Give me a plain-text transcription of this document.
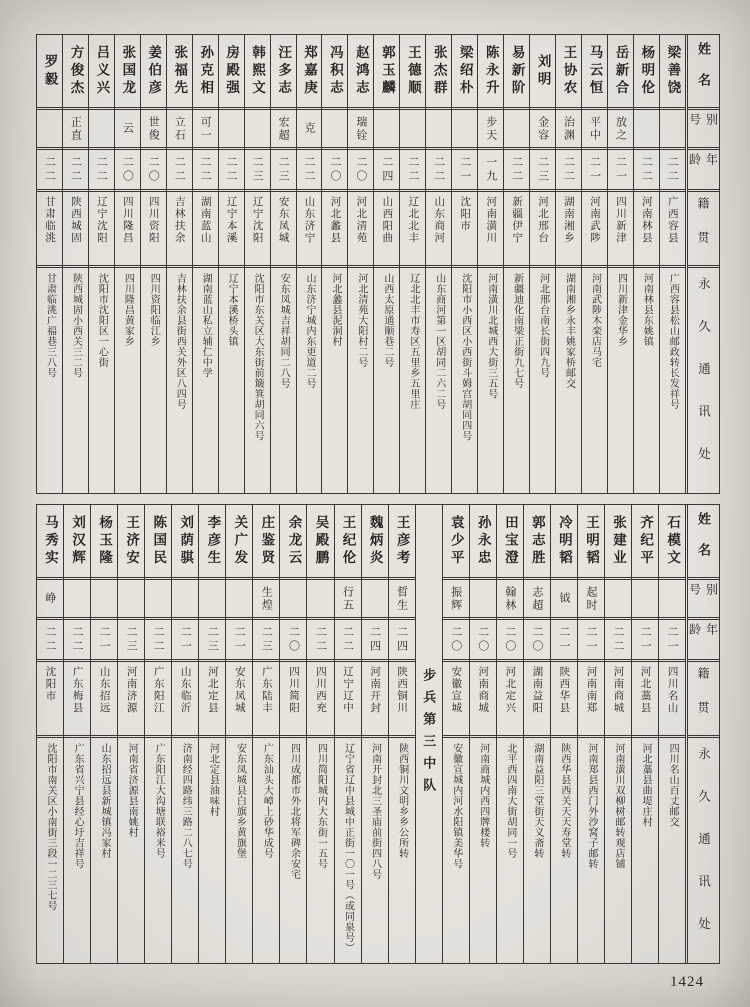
罗毅
二二
甘肃临洮
甘肃临洮广福巷三八号
方俊杰
正直
二二
陕西城固
陕西城固小西关三二号
吕义兴
二二
辽宁沈阳
沈阳市沈阳区一心街
张国龙
云
二〇
四川隆昌
四川隆昌黄家乡
姜伯彦
世俊
二〇
四川资阳
四川资阳临江乡
张福先
立石
二二
吉林扶余
吉林扶余县街西关外区八四号
孙克相
可一
二二
湖南蓝山
湖南蓝山私立辅仁中学
房殿强
二二
辽宁本溪
辽宁本溪桥头镇
韩熙文
二三
辽宁沈阳
沈阳市东关区大东街前簸箕胡同六号
汪多志
宏超
二三
安东凤城
安东凤城吉祥胡同二八号
郑嘉庚
克
二二
山东济宁
山东济宁城内东更道二号
冯积志
二〇
河北蠡县
河北蠡县泥洞村
赵鸿志
瑞铨
二〇
河北清苑
河北清苑大阳村二号
郭玉麟
二四
山西阳曲
山西太原通顺巷二号
王德顺
二二
辽北北丰
辽北北丰市寿区五里乡五里庄
张杰群
二二
山东商河
山东商河第一区胡同二六二号
梁绍朴
二一
沈阳市
沈阳市小西区小西街斗姆宫胡同四号
陈永升
步天
一九
河南潢川
河南潢川北城西大街三五号
易新阶
二二
新疆伊宁
新疆迪化南梁正街九七号
刘明
金容
二三
河北邢台
河北邢台南长街四九号
王协农
治渊
二二
湖南湘乡
湖南湘乡永丰姚家桥邮交
马云恒
平中
二一
河南武陟
河南武陟木栾店马宅
岳新合
放之
二一
四川新津
四川新津金华乡
杨明伦
二二
河南林县
河南林县东姚镇
梁善饶
二二
广西容县
广西容县松山邮政转长发祥号
姓名
别号
年龄
籍贯
永久通讯处
马秀实
峥
二二
沈阳市
沈阳市南关区小南街三段一二三七号
刘汉辉
二二
广东梅县
广东省兴宁县经心圩吉祥号
杨玉隆
二一
山东招远
山东招远县新城镇冯家村
王济安
二三
河南济源
河南省济源县南姚村
陈国民
二二
广东阳江
广东阳江大沟塘联裕米号
刘荫骐
二一
山东临沂
济南经四路纬三路二八七号
李彦生
二三
河北定县
河北定县油味村
关广发
二一
安东凤城
安东凤城县白旗乡黄旗堡
庄鉴贤
生煌
二三
广东陆丰
广东汕头大嶂上砂华成号
余龙云
二〇
四川简阳
四川成都市外北将军碑余安宅
吴殿鹏
二二
四川西充
四川简阳城内大东街一五号
王纪伦
行五
二二
辽宁辽中
辽宁省辽中县城中正街一〇一号（或同泉号）
魏炳炎
二四
河南开封
河南开封北三圣庙前街四八号
王彦考
晢生
二四
陕西铜川
陕西铜川文明乡乡公所转
步兵第三中队
袁少平
振辉
二〇
安徽宣城
安徽宣城内河水阳镇美华号
孙永忠
二〇
河南商城
河南商城内西四牌楼转
田宝澄
翰林
二〇
河北定兴
北平西四南大街胡同一号
郭志胜
志超
二〇
湖南益阳
湖南益阳三堂街天义斋转
冷明韬
钺
二一
陕西华县
陕西华县西关天天寿堂转
王明韬
起时
二一
河南南郑
河南郑县西门外沙窝子邮转
张建业
二二
河南商城
河南潢川双柳树邮转观店铺
齐纪平
二一
河北藁县
河北藁县曲堤庄村
石模文
二一
四川名山
四川名山百丈邮交
姓名
别号
年龄
籍贯
永久通讯处
1424
